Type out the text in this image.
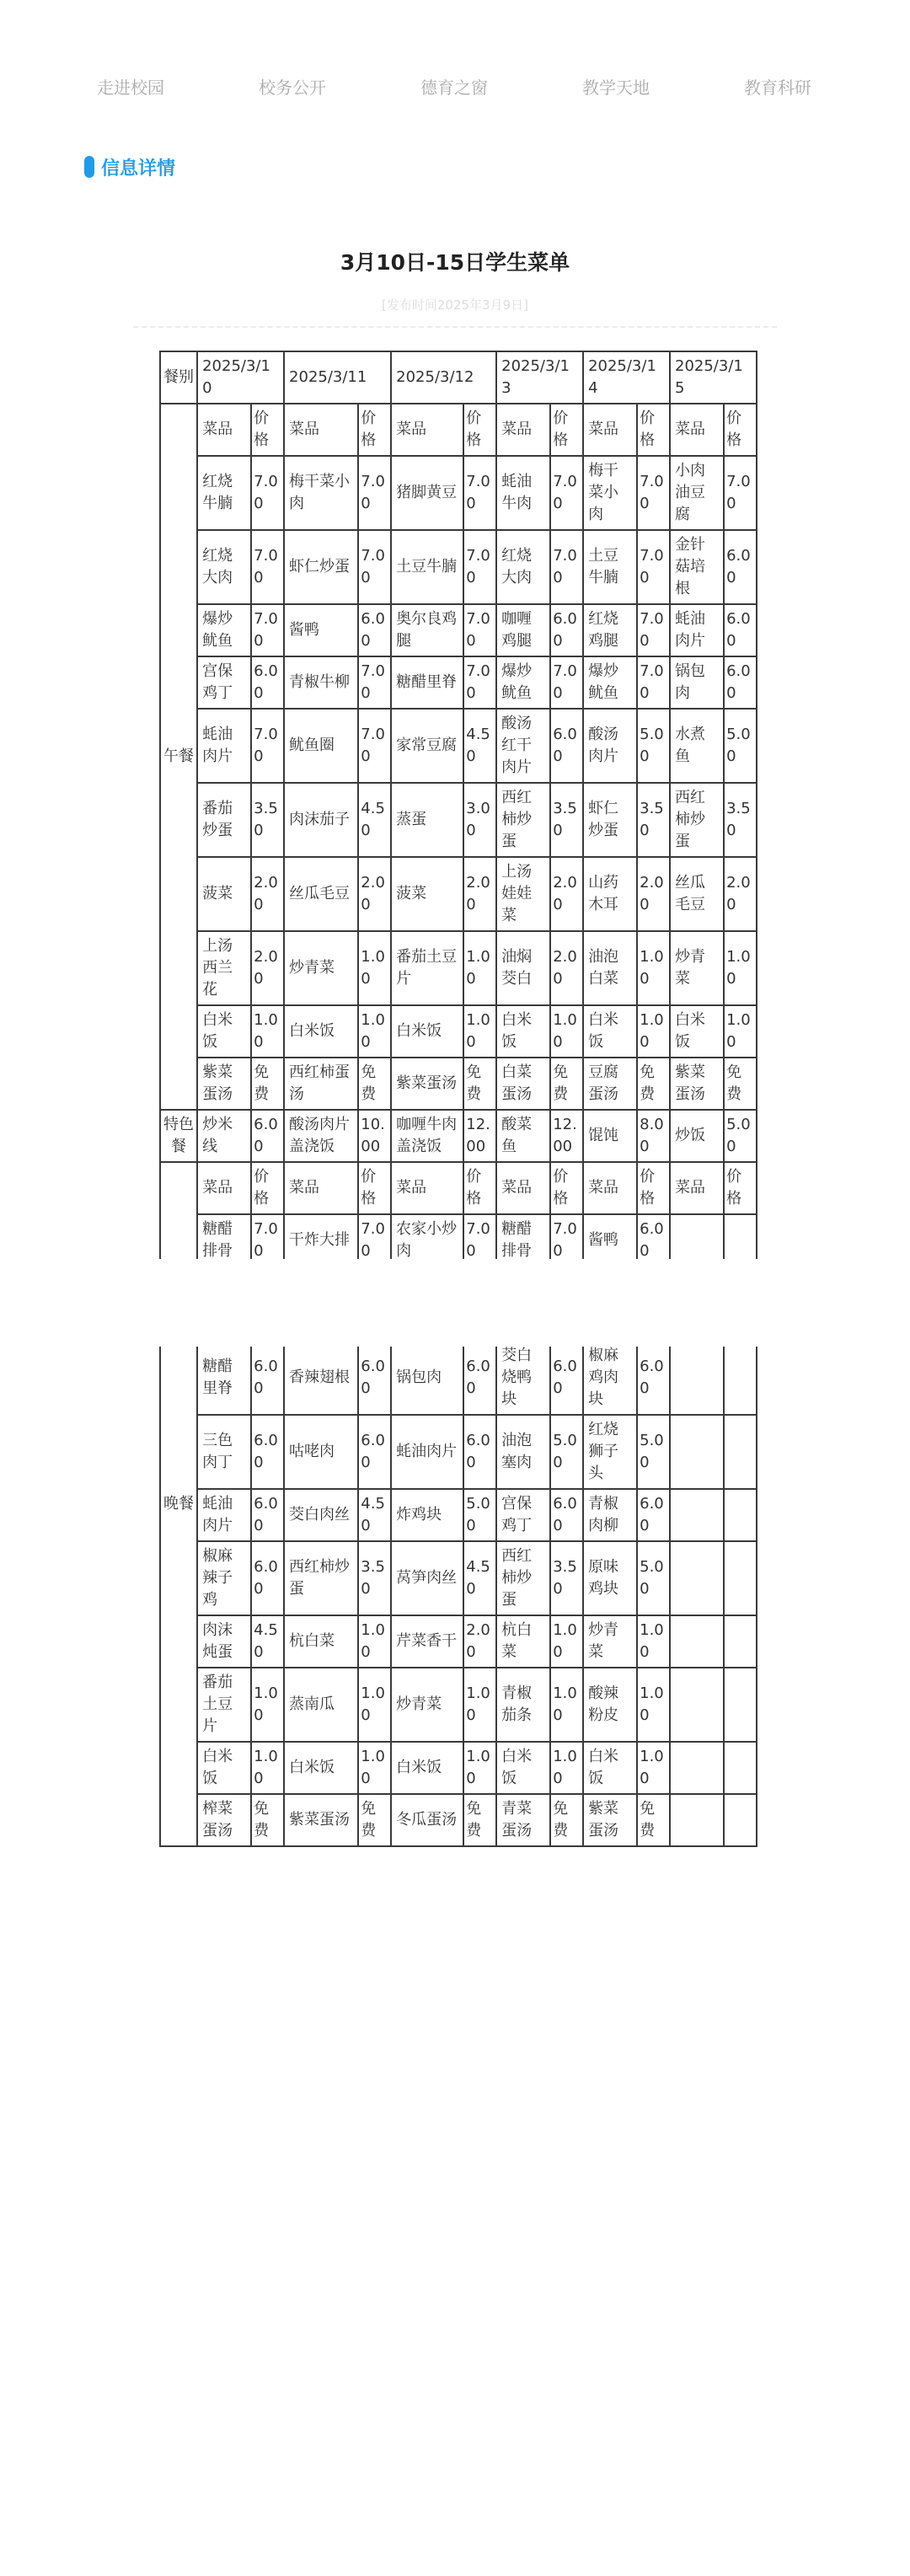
走进校园	校务公开	德育之窗	教学天地	教育科研
信息详情
3月10日-15日学生菜单
[发布时间2025年3月9日]
餐别	2025/3/10		2025/3/11		2025/3/12		2025/3/13		2025/3/14		2025/3/15	
午餐	菜品	价格	菜品	价格	菜品	价格	菜品	价格	菜品	价格	菜品	价格
	红烧牛腩	7.00	梅干菜小肉	7.00	猪脚黄豆	7.00	蚝油牛肉	7.00	梅干菜小肉	7.00	小肉油豆腐	7.00
	红烧大肉	7.00	虾仁炒蛋	7.00	土豆牛腩	7.00	红烧大肉	7.00	土豆牛腩	7.00	金针菇培根	6.00
	爆炒鱿鱼	7.00	酱鸭	6.00	奥尔良鸡腿	7.00	咖喱鸡腿	6.00	红烧鸡腿	7.00	蚝油肉片	6.00
	宫保鸡丁	6.00	青椒牛柳	7.00	糖醋里脊	7.00	爆炒鱿鱼	7.00	爆炒鱿鱼	7.00	锅包肉	6.00
	蚝油肉片	7.00	鱿鱼圈	7.00	家常豆腐	4.50	酸汤红干肉片	6.00	酸汤肉片	5.00	水煮鱼	5.00
	番茄炒蛋	3.50	肉沫茄子	4.50	蒸蛋	3.00	西红柿炒蛋	3.50	虾仁炒蛋	3.50	西红柿炒蛋	3.50
	菠菜	2.00	丝瓜毛豆	2.00	菠菜	2.00	上汤娃娃菜	2.00	山药木耳	2.00	丝瓜毛豆	2.00
	上汤西兰花	2.00	炒青菜	1.00	番茄土豆片	1.00	油焖茭白	2.00	油泡白菜	1.00	炒青菜	1.00
	白米饭	1.00	白米饭	1.00	白米饭	1.00	白米饭	1.00	白米饭	1.00	白米饭	1.00
	紫菜蛋汤	免费	西红柿蛋汤	免费	紫菜蛋汤	免费	白菜蛋汤	免费	豆腐蛋汤	免费	紫菜蛋汤	免费
特色餐	炒米线	6.00	酸汤肉片盖浇饭	10.00	咖喱牛肉盖浇饭	12.00	酸菜鱼	12.00	馄饨	8.00	炒饭	5.00
	菜品	价格	菜品	价格	菜品	价格	菜品	价格	菜品	价格	菜品	价格
	糖醋排骨	7.00	干炸大排	7.00	农家小炒肉	7.00	糖醋排骨	7.00	酱鸭	6.00		

晚餐												

	糖醋里脊	6.00	香辣翅根	6.00	锅包肉	6.00	茭白烧鸭块	6.00	椒麻鸡肉块	6.00		
	三色肉丁	6.00	咕咾肉	6.00	蚝油肉片	6.00	油泡塞肉	5.00	红烧狮子头	5.00		
	蚝油肉片	6.00	茭白肉丝	4.50	炸鸡块	5.00	宫保鸡丁	6.00	青椒肉柳	6.00		
	椒麻辣子鸡	6.00	西红柿炒蛋	3.50	莴笋肉丝	4.50	西红柿炒蛋	3.50	原味鸡块	5.00		
	肉沫炖蛋	4.50	杭白菜	1.00	芹菜香干	2.00	杭白菜	1.00	炒青菜	1.00		
	番茄土豆片	1.00	蒸南瓜	1.00	炒青菜	1.00	青椒茄条	1.00	酸辣粉皮	1.00		
	白米饭	1.00	白米饭	1.00	白米饭	1.00	白米饭	1.00	白米饭	1.00		
	榨菜蛋汤	免费	紫菜蛋汤	免费	冬瓜蛋汤	免费	青菜蛋汤	免费	紫菜蛋汤	免费		
